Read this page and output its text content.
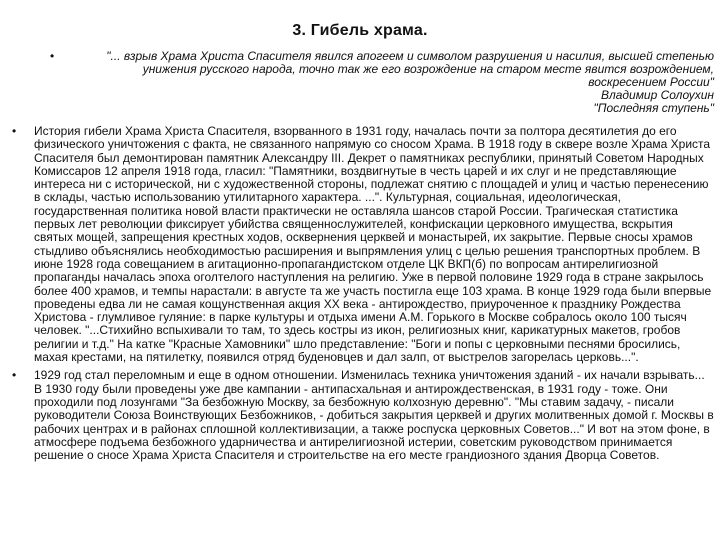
3. Гибель храма.
•	"... взрыв Храма Христа Спасителя явился апогеем и символом разрушения и насилия, высшей степенью унижения русского народа, точно так же его возрождение на старом месте явится возрождением, воскресением России"
Владимир Солоухин
"Последняя ступень"
• История гибели Храма Христа Спасителя, взорванного в 1931 году, началась почти за полтора десятилетия до его физического уничтожения с факта, не связанного напрямую со сносом Храма. В 1918 году в сквере возле Храма Христа Спасителя был демонтирован памятник Александру III. Декрет о памятниках республики, принятый Советом Народных Комиссаров 12 апреля 1918 года, гласил: "Памятники, воздвигнутые в честь царей и их слуг и не представляющие интереса ни с исторической, ни с художественной стороны, подлежат снятию с площадей и улиц и частью перенесению в склады, частью использованию утилитарного характера. ...". Культурная, социальная, идеологическая, государственная политика новой власти практически не оставляла шансов старой России. Трагическая статистика первых лет революции фиксирует убийства священнослужителей, конфискации церковного имущества, вскрытия святых мощей, запрещения крестных ходов, осквернения церквей и монастырей, их закрытие. Первые сносы храмов стыдливо объяснялись необходимостью расширения и выпрямления улиц с целью решения транспортных проблем. В июне 1928 года совещанием в агитационно-пропагандистском отделе ЦК ВКП(б) по вопросам антирелигиозной пропаганды началась эпоха оголтелого наступления на религию. Уже в первой половине 1929 года в стране закрылось более 400 храмов, и темпы нарастали: в августе та же участь постигла еще 103 храма. В конце 1929 года были впервые проведены едва ли не самая кощунственная акция XX века - антирождество, приуроченное к празднику Рождества Христова - глумливое гуляние: в парке культуры и отдыха имени А.М. Горького в Москве собралось около 100 тысяч человек. "...Стихийно вспыхивали то там, то здесь костры из икон, религиозных книг, карикатурных макетов, гробов религии и т.д." На катке "Красные Хамовники" шло представление: "Боги и попы с церковными песнями бросились, махая крестами, на пятилетку, появился отряд буденовцев и дал залп, от выстрелов загорелась церковь...".
• 1929 год стал переломным и еще в одном отношении. Изменилась техника уничтожения зданий - их начали взрывать... В 1930 году были проведены уже две кампании - антипасхальная и антирождественская, в 1931 году - тоже. Они проходили под лозунгами "За безбожную Москву, за безбожную колхозную деревню". "Мы ставим задачу, - писали руководители Союза Воинствующих Безбожников, - добиться закрытия церквей и других молитвенных домой г. Москвы в рабочих центрах и в районах сплошной коллективизации, а также роспуска церковных Советов..." И вот на этом фоне, в атмосфере подъема безбожного ударничества и антирелигиозной истерии, советским руководством принимается решение о сносе Храма Христа Спасителя и строительстве на его месте грандиозного здания Дворца Советов.
